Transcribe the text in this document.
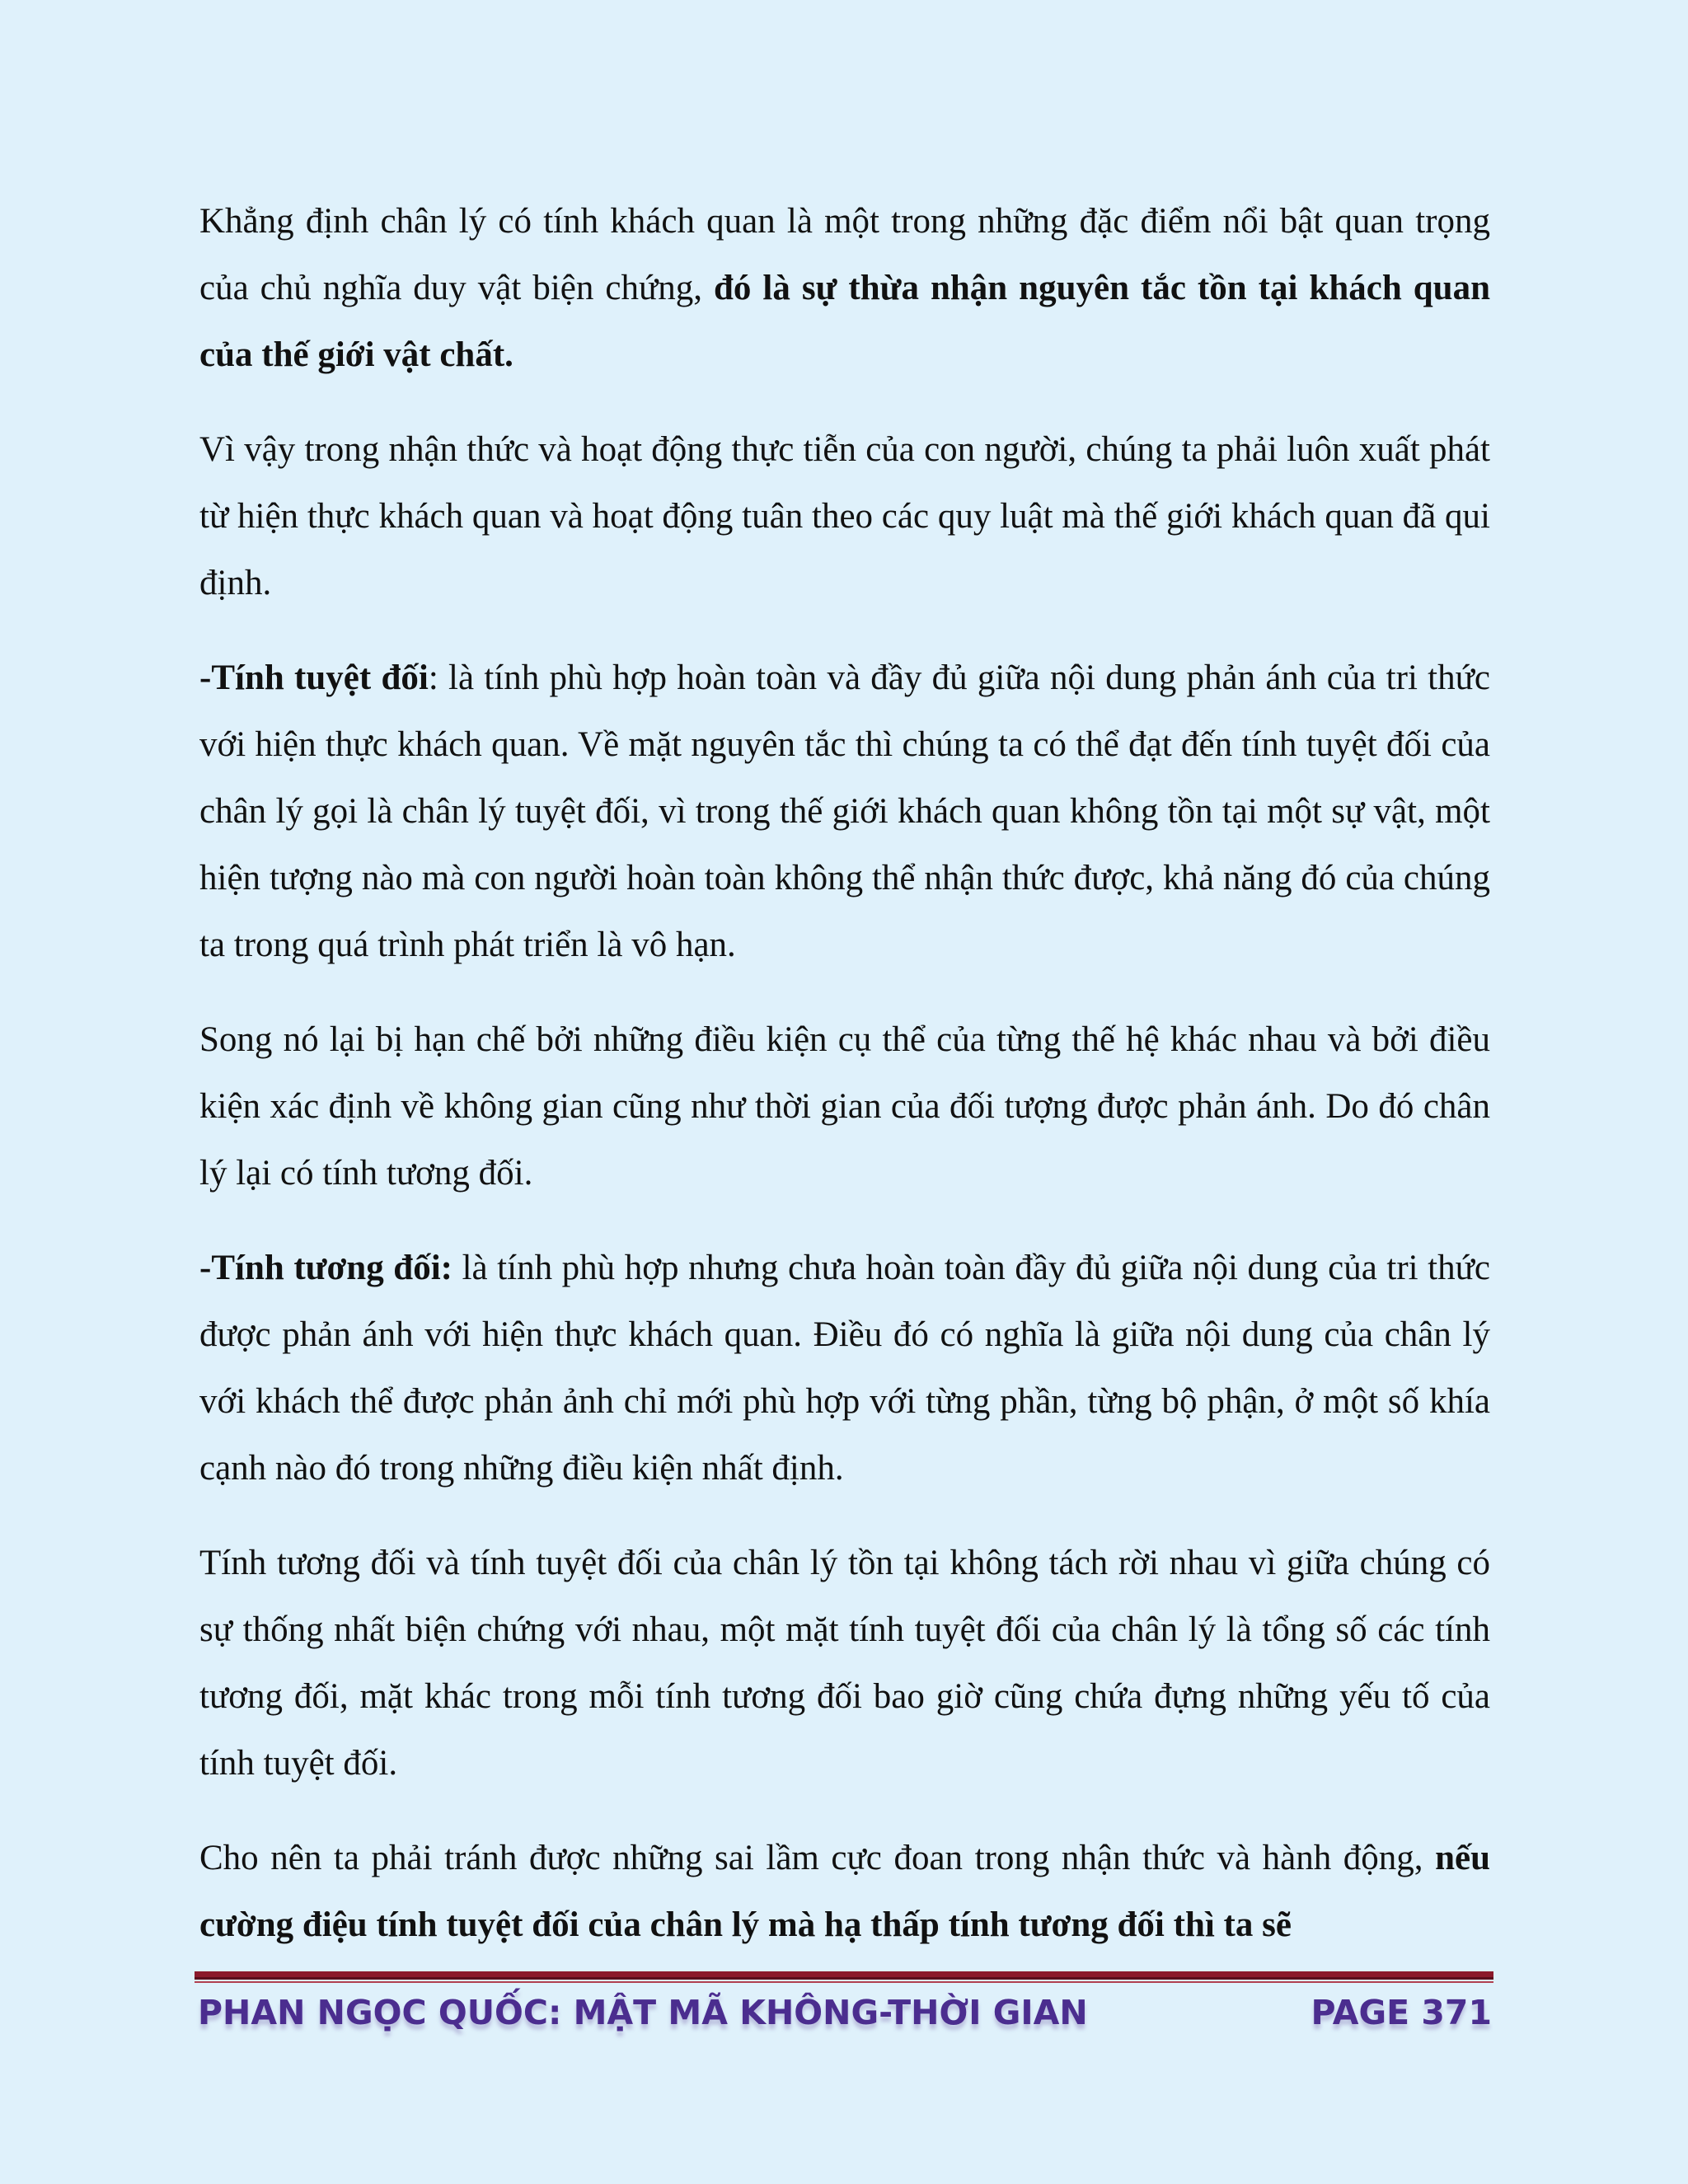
Khẳng định chân lý có tính khách quan là một trong những đặc điểm nổi bật quan trọng của chủ nghĩa duy vật biện chứng, đó là sự thừa nhận nguyên tắc tồn tại khách quan của thế giới vật chất.

Vì vậy trong nhận thức và hoạt động thực tiễn của con người, chúng ta phải luôn xuất phát từ hiện thực khách quan và hoạt động tuân theo các quy luật mà thế giới khách quan đã qui định.

-Tính tuyệt đối: là tính phù hợp hoàn toàn và đầy đủ giữa nội dung phản ánh của tri thức với hiện thực khách quan. Về mặt nguyên tắc thì chúng ta có thể đạt đến tính tuyệt đối của chân lý gọi là chân lý tuyệt đối, vì trong thế giới khách quan không tồn tại một sự vật, một hiện tượng nào mà con người hoàn toàn không thể nhận thức được, khả năng đó của chúng ta trong quá trình phát triển là vô hạn.

Song nó lại bị hạn chế bởi những điều kiện cụ thể của từng thế hệ khác nhau và bởi điều kiện xác định về không gian cũng như thời gian của đối tượng được phản ánh. Do đó chân lý lại có tính tương đối.

-Tính tương đối: là tính phù hợp nhưng chưa hoàn toàn đầy đủ giữa nội dung của tri thức được phản ánh với hiện thực khách quan. Điều đó có nghĩa là giữa nội dung của chân lý với khách thể được phản ảnh chỉ mới phù hợp với từng phần, từng bộ phận, ở một số khía cạnh nào đó trong những điều kiện nhất định.

Tính tương đối và tính tuyệt đối của chân lý tồn tại không tách rời nhau vì giữa chúng có sự thống nhất biện chứng với nhau, một mặt tính tuyệt đối của chân lý là tổng số các tính tương đối, mặt khác trong mỗi tính tương đối bao giờ cũng chứa đựng những yếu tố của tính tuyệt đối.

Cho nên ta phải tránh được những sai lầm cực đoan trong nhận thức và hành động, nếu cường điệu tính tuyệt đối của chân lý mà hạ thấp tính tương đối thì ta sẽ

PHAN NGỌC QUỐC: MẬT MÃ KHÔNG-THỜI GIAN	PAGE 371
